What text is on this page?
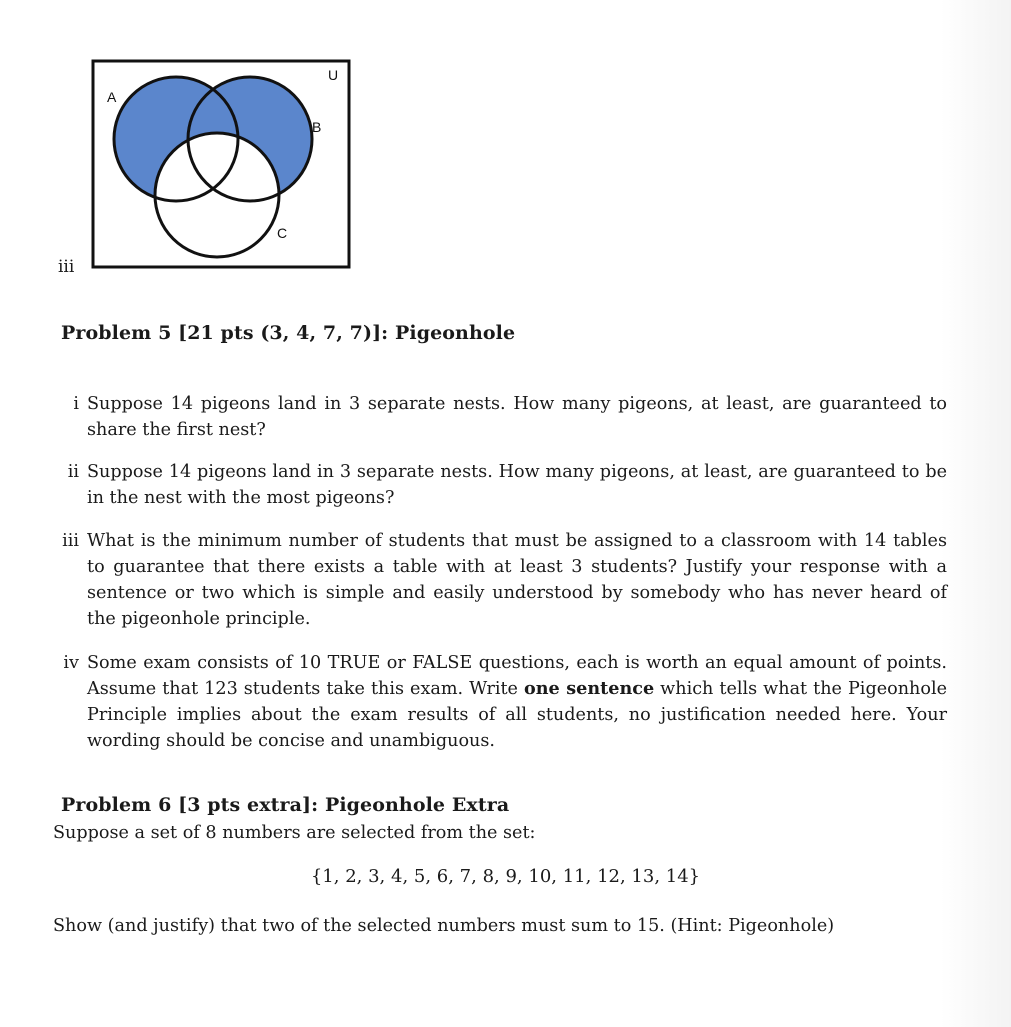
U
A
B
C
iii
Problem 5 [21 pts (3, 4, 7, 7)]: Pigeonhole
i Suppose 14 pigeons land in 3 separate nests. How many pigeons, at least, are guaranteed to share the first nest?
ii Suppose 14 pigeons land in 3 separate nests. How many pigeons, at least, are guaranteed to be in the nest with the most pigeons?
iii What is the minimum number of students that must be assigned to a classroom with 14 tables to guarantee that there exists a table with at least 3 students? Justify your response with a sentence or two which is simple and easily understood by somebody who has never heard of the pigeonhole principle.
iv Some exam consists of 10 TRUE or FALSE questions, each is worth an equal amount of points. Assume that 123 students take this exam. Write one sentence which tells what the Pigeonhole Principle implies about the exam results of all students, no justification needed here. Your wording should be concise and unambiguous.
Problem 6 [3 pts extra]: Pigeonhole Extra
Suppose a set of 8 numbers are selected from the set:
{1, 2, 3, 4, 5, 6, 7, 8, 9, 10, 11, 12, 13, 14}
Show (and justify) that two of the selected numbers must sum to 15. (Hint: Pigeonhole)
